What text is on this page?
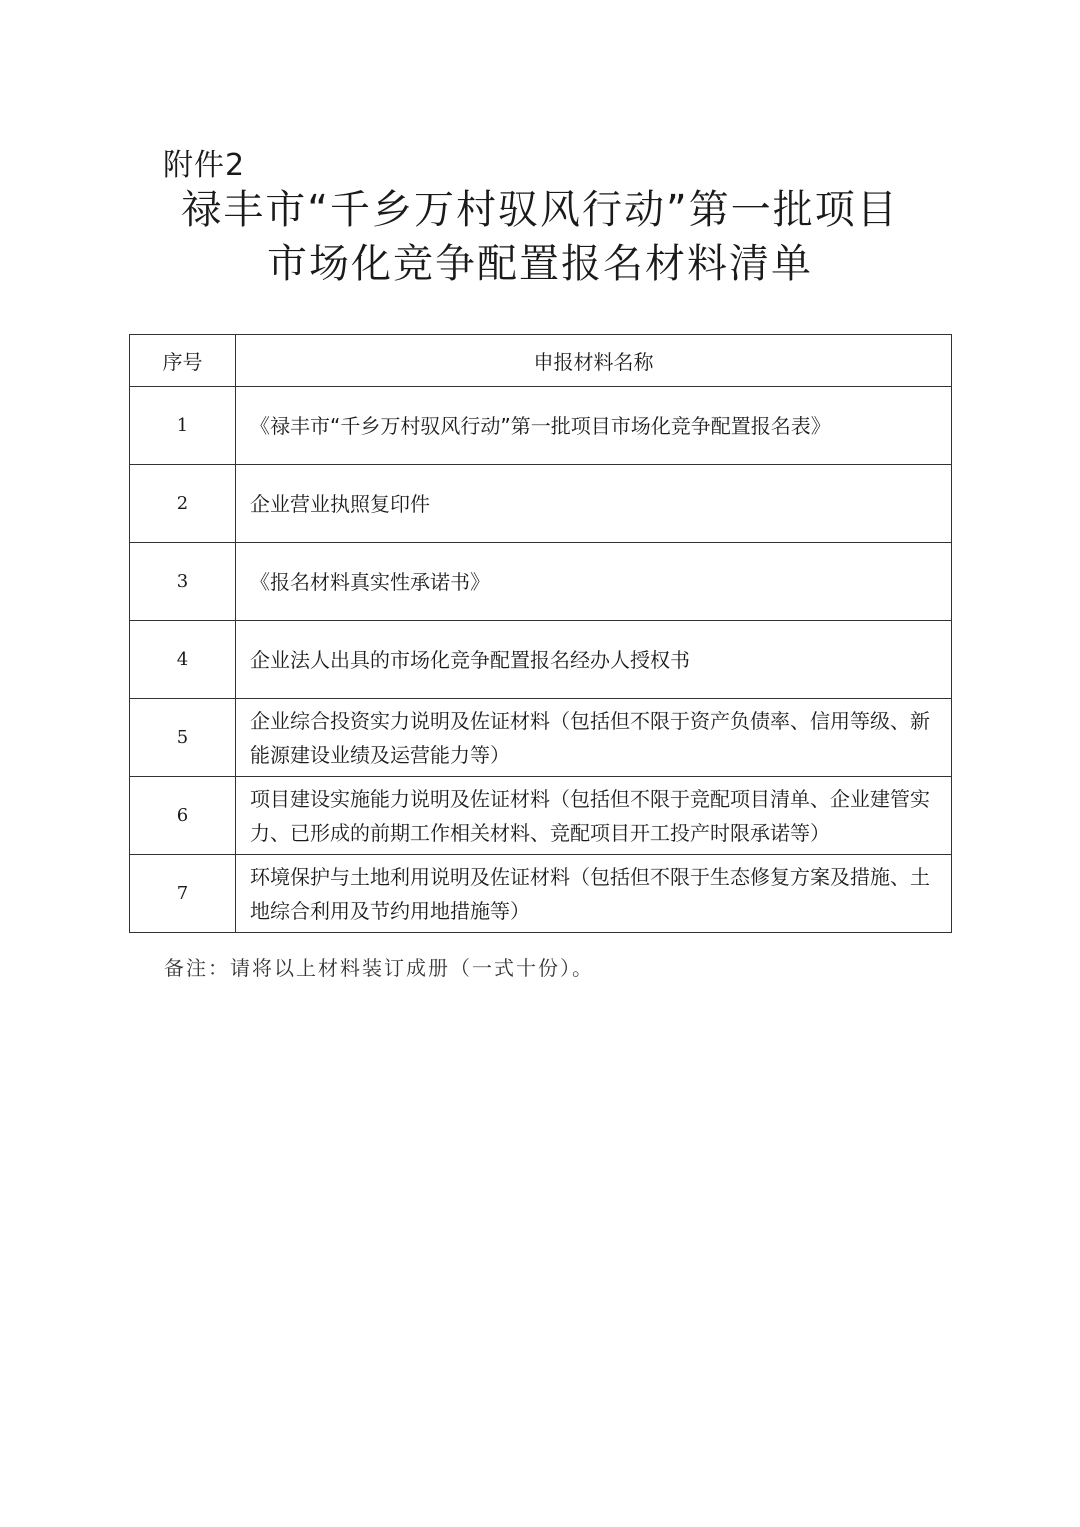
附件2
禄丰市“千乡万村驭风行动”第一批项目
市场化竞争配置报名材料清单
序号	申报材料名称
1	《禄丰市“千乡万村驭风行动”第一批项目市场化竞争配置报名表》
2	企业营业执照复印件
3	《报名材料真实性承诺书》
4	企业法人出具的市场化竞争配置报名经办人授权书
5	企业综合投资实力说明及佐证材料（包括但不限于资产负债率、信用等级、新能源建设业绩及运营能力等）
6	项目建设实施能力说明及佐证材料（包括但不限于竞配项目清单、企业建管实力、已形成的前期工作相关材料、竞配项目开工投产时限承诺等）
7	环境保护与土地利用说明及佐证材料（包括但不限于生态修复方案及措施、土地综合利用及节约用地措施等）
备注：请将以上材料装订成册（一式十份）。
